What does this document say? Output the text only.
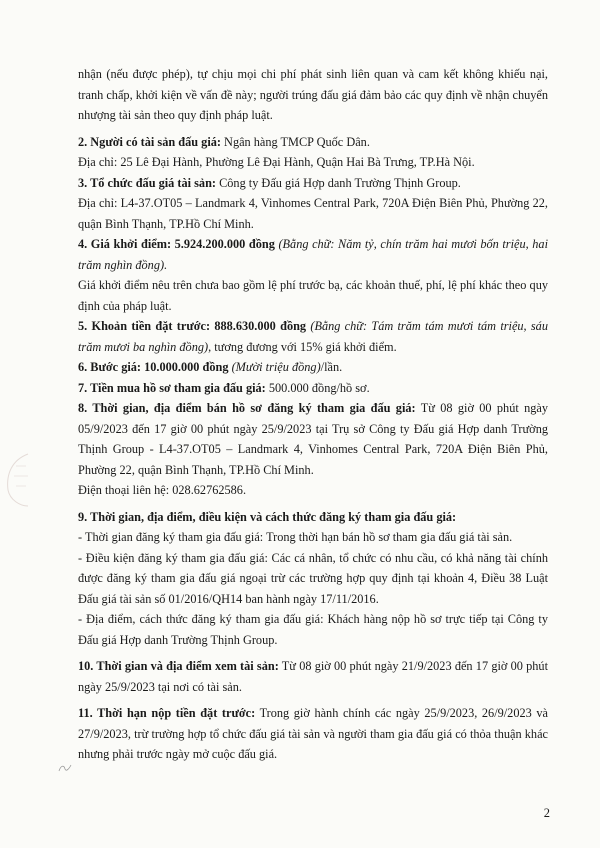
nhận (nếu được phép), tự chịu mọi chi phí phát sinh liên quan và cam kết không khiếu nại, tranh chấp, khởi kiện về vấn đề này; người trúng đấu giá đảm bảo các quy định về nhận chuyển nhượng tài sản theo quy định pháp luật.

2. Người có tài sản đấu giá: Ngân hàng TMCP Quốc Dân.

Địa chỉ: 25 Lê Đại Hành, Phường Lê Đại Hành, Quận Hai Bà Trưng, TP.Hà Nội.

3. Tổ chức đấu giá tài sản: Công ty Đấu giá Hợp danh Trường Thịnh Group.

Địa chỉ: L4-37.OT05 – Landmark 4, Vinhomes Central Park, 720A Điện Biên Phủ, Phường 22, quận Bình Thạnh, TP.Hồ Chí Minh.

4. Giá khởi điểm: 5.924.200.000 đồng (Bằng chữ: Năm tỷ, chín trăm hai mươi bốn triệu, hai trăm nghìn đồng).

Giá khởi điểm nêu trên chưa bao gồm lệ phí trước bạ, các khoản thuế, phí, lệ phí khác theo quy định của pháp luật.

5. Khoản tiền đặt trước: 888.630.000 đồng (Bằng chữ: Tám trăm tám mươi tám triệu, sáu trăm mươi ba nghìn đồng), tương đương với 15% giá khởi điểm.

6. Bước giá: 10.000.000 đồng (Mười triệu đồng)/lần.

7. Tiền mua hồ sơ tham gia đấu giá: 500.000 đồng/hồ sơ.

8. Thời gian, địa điểm bán hồ sơ đăng ký tham gia đấu giá: Từ 08 giờ 00 phút ngày 05/9/2023 đến 17 giờ 00 phút ngày 25/9/2023 tại Trụ sở Công ty Đấu giá Hợp danh Trường Thịnh Group - L4-37.OT05 – Landmark 4, Vinhomes Central Park, 720A Điện Biên Phủ, Phường 22, quận Bình Thạnh, TP.Hồ Chí Minh.

Điện thoại liên hệ: 028.62762586.

9. Thời gian, địa điểm, điều kiện và cách thức đăng ký tham gia đấu giá:

- Thời gian đăng ký tham gia đấu giá: Trong thời hạn bán hồ sơ tham gia đấu giá tài sản.

- Điều kiện đăng ký tham gia đấu giá: Các cá nhân, tổ chức có nhu cầu, có khả năng tài chính được đăng ký tham gia đấu giá ngoại trừ các trường hợp quy định tại khoản 4, Điều 38 Luật Đấu giá tài sản số 01/2016/QH14 ban hành ngày 17/11/2016.

- Địa điểm, cách thức đăng ký tham gia đấu giá: Khách hàng nộp hồ sơ trực tiếp tại Công ty Đấu giá Hợp danh Trường Thịnh Group.

10. Thời gian và địa điểm xem tài sản: Từ 08 giờ 00 phút ngày 21/9/2023 đến 17 giờ 00 phút ngày 25/9/2023 tại nơi có tài sản.

11. Thời hạn nộp tiền đặt trước: Trong giờ hành chính các ngày 25/9/2023, 26/9/2023 và 27/9/2023, trừ trường hợp tổ chức đấu giá tài sản và người tham gia đấu giá có thỏa thuận khác nhưng phải trước ngày mở cuộc đấu giá.

2
